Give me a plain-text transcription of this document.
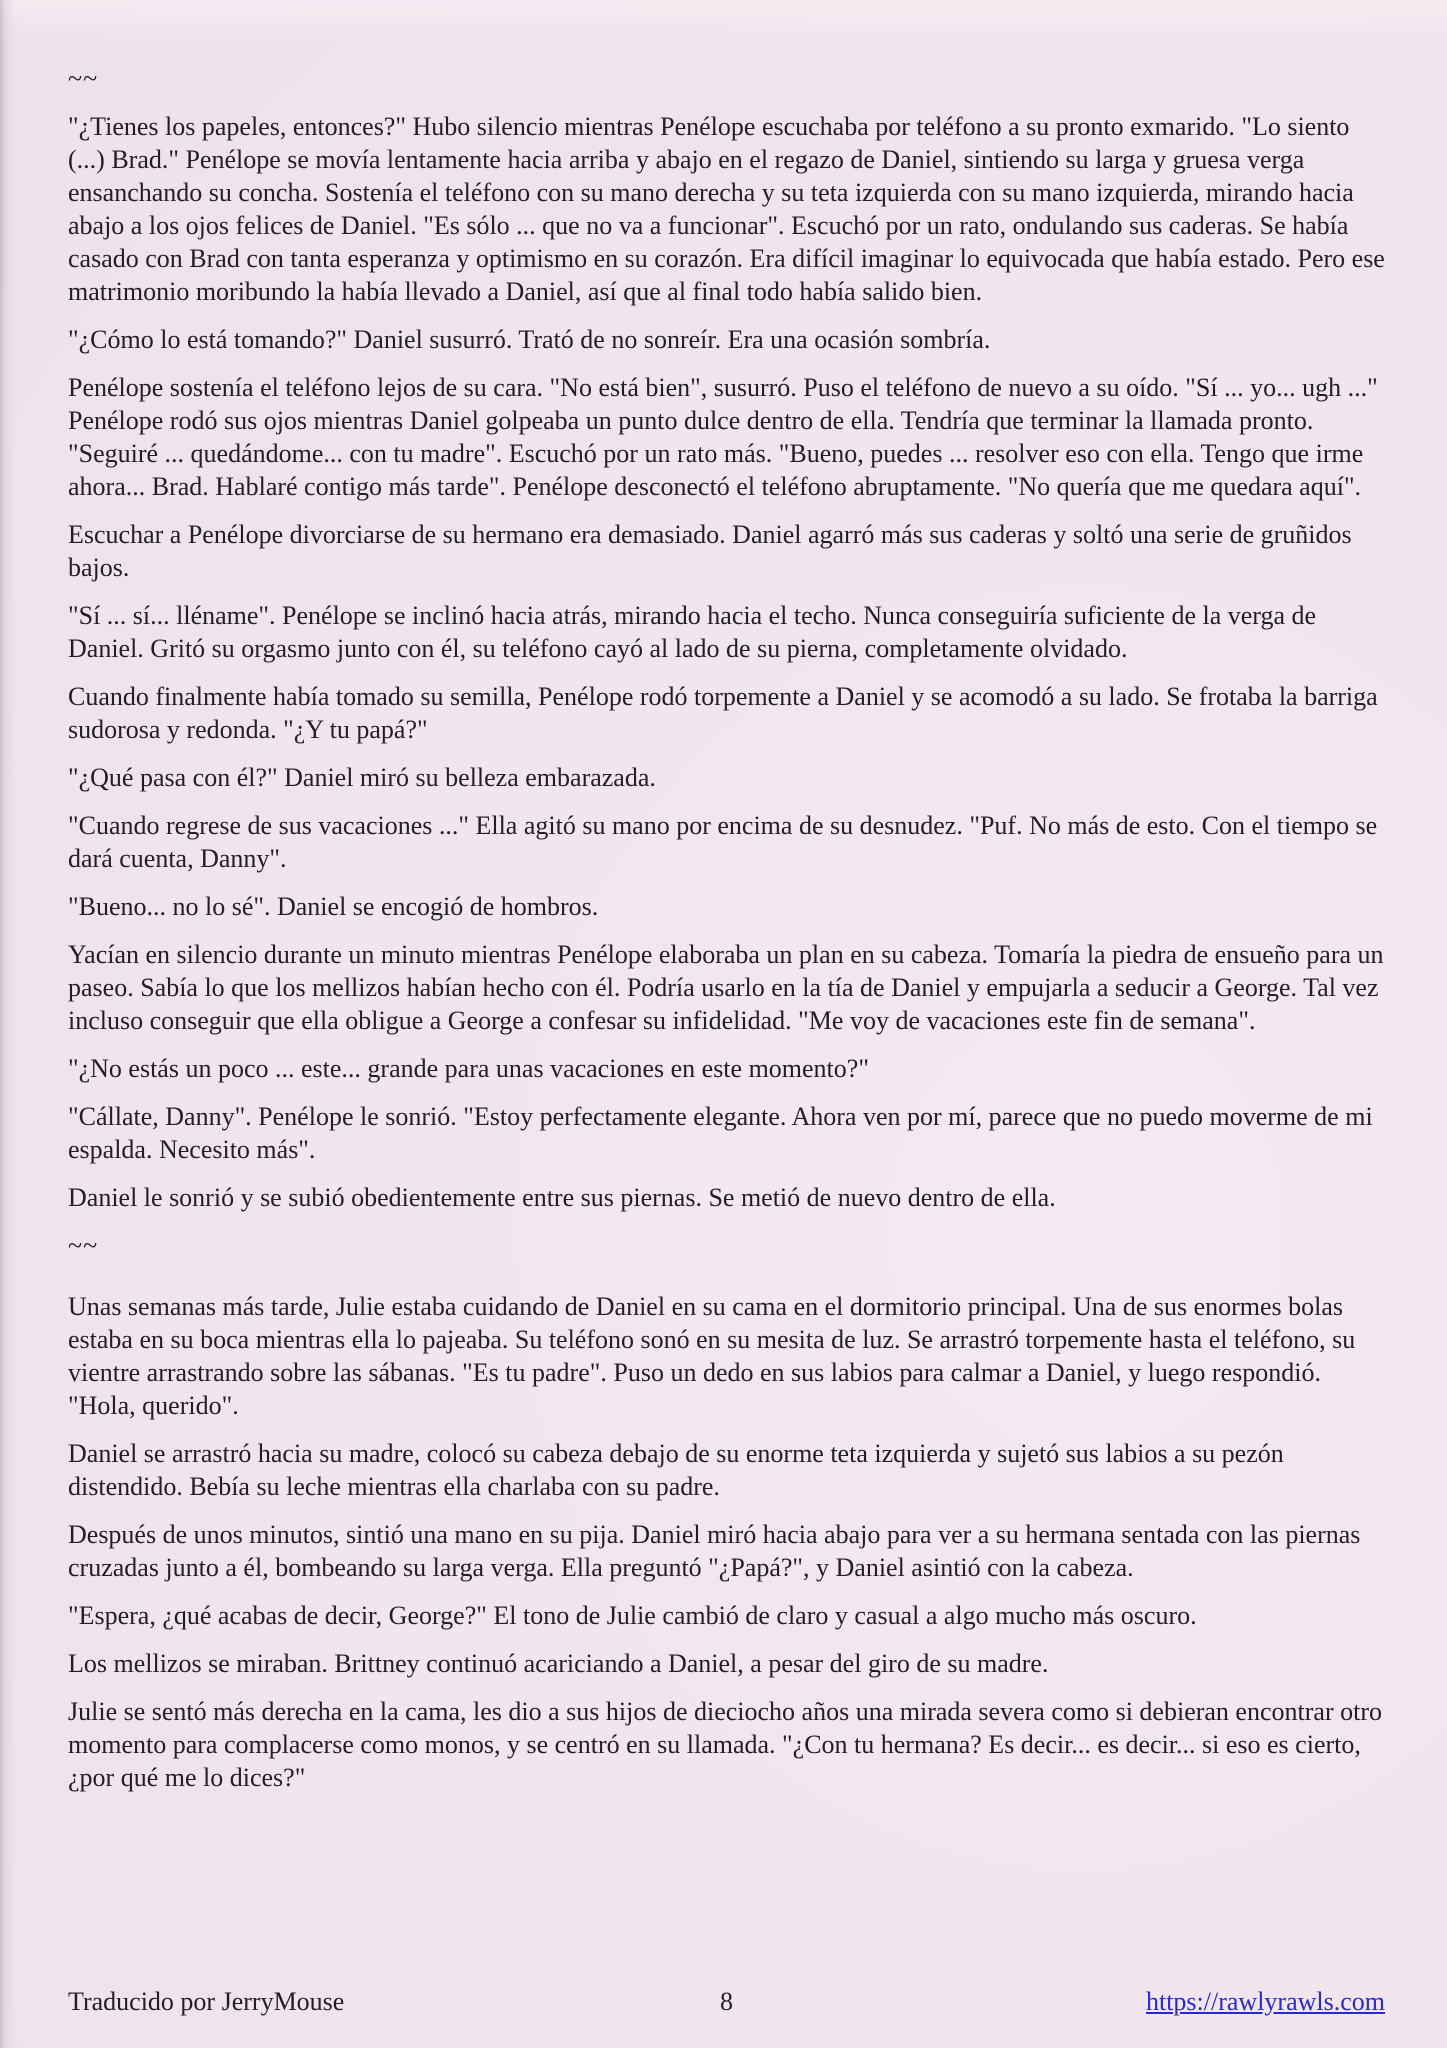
~~

"¿Tienes los papeles, entonces?" Hubo silencio mientras Penélope escuchaba por teléfono a su pronto exmarido. "Lo siento (...) Brad." Penélope se movía lentamente hacia arriba y abajo en el regazo de Daniel, sintiendo su larga y gruesa verga ensanchando su concha. Sostenía el teléfono con su mano derecha y su teta izquierda con su mano izquierda, mirando hacia abajo a los ojos felices de Daniel. "Es sólo ... que no va a funcionar". Escuchó por un rato, ondulando sus caderas. Se había casado con Brad con tanta esperanza y optimismo en su corazón. Era difícil imaginar lo equivocada que había estado. Pero ese matrimonio moribundo la había llevado a Daniel, así que al final todo había salido bien.

"¿Cómo lo está tomando?" Daniel susurró. Trató de no sonreír. Era una ocasión sombría.

Penélope sostenía el teléfono lejos de su cara. "No está bien", susurró. Puso el teléfono de nuevo a su oído. "Sí ... yo... ugh ..." Penélope rodó sus ojos mientras Daniel golpeaba un punto dulce dentro de ella. Tendría que terminar la llamada pronto. "Seguiré ... quedándome... con tu madre". Escuchó por un rato más. "Bueno, puedes ... resolver eso con ella. Tengo que irme ahora... Brad. Hablaré contigo más tarde". Penélope desconectó el teléfono abruptamente. "No quería que me quedara aquí".

Escuchar a Penélope divorciarse de su hermano era demasiado. Daniel agarró más sus caderas y soltó una serie de gruñidos bajos.

"Sí ... sí... lléname". Penélope se inclinó hacia atrás, mirando hacia el techo. Nunca conseguiría suficiente de la verga de Daniel. Gritó su orgasmo junto con él, su teléfono cayó al lado de su pierna, completamente olvidado.

Cuando finalmente había tomado su semilla, Penélope rodó torpemente a Daniel y se acomodó a su lado. Se frotaba la barriga sudorosa y redonda. "¿Y tu papá?"

"¿Qué pasa con él?" Daniel miró su belleza embarazada.

"Cuando regrese de sus vacaciones ..." Ella agitó su mano por encima de su desnudez. "Puf. No más de esto. Con el tiempo se dará cuenta, Danny".

"Bueno... no lo sé". Daniel se encogió de hombros.

Yacían en silencio durante un minuto mientras Penélope elaboraba un plan en su cabeza. Tomaría la piedra de ensueño para un paseo. Sabía lo que los mellizos habían hecho con él. Podría usarlo en la tía de Daniel y empujarla a seducir a George. Tal vez incluso conseguir que ella obligue a George a confesar su infidelidad. "Me voy de vacaciones este fin de semana".

"¿No estás un poco ... este... grande para unas vacaciones en este momento?"

"Cállate, Danny". Penélope le sonrió. "Estoy perfectamente elegante. Ahora ven por mí, parece que no puedo moverme de mi espalda. Necesito más".

Daniel le sonrió y se subió obedientemente entre sus piernas. Se metió de nuevo dentro de ella.

~~

Unas semanas más tarde, Julie estaba cuidando de Daniel en su cama en el dormitorio principal. Una de sus enormes bolas estaba en su boca mientras ella lo pajeaba. Su teléfono sonó en su mesita de luz. Se arrastró torpemente hasta el teléfono, su vientre arrastrando sobre las sábanas. "Es tu padre". Puso un dedo en sus labios para calmar a Daniel, y luego respondió. "Hola, querido".

Daniel se arrastró hacia su madre, colocó su cabeza debajo de su enorme teta izquierda y sujetó sus labios a su pezón distendido. Bebía su leche mientras ella charlaba con su padre.

Después de unos minutos, sintió una mano en su pija. Daniel miró hacia abajo para ver a su hermana sentada con las piernas cruzadas junto a él, bombeando su larga verga. Ella preguntó "¿Papá?", y Daniel asintió con la cabeza.

"Espera, ¿qué acabas de decir, George?" El tono de Julie cambió de claro y casual a algo mucho más oscuro.

Los mellizos se miraban. Brittney continuó acariciando a Daniel, a pesar del giro de su madre.

Julie se sentó más derecha en la cama, les dio a sus hijos de dieciocho años una mirada severa como si debieran encontrar otro momento para complacerse como monos, y se centró en su llamada. "¿Con tu hermana? Es decir... es decir... si eso es cierto, ¿por qué me lo dices?"

Traducido por JerryMouse	8	https://rawlyrawls.com
